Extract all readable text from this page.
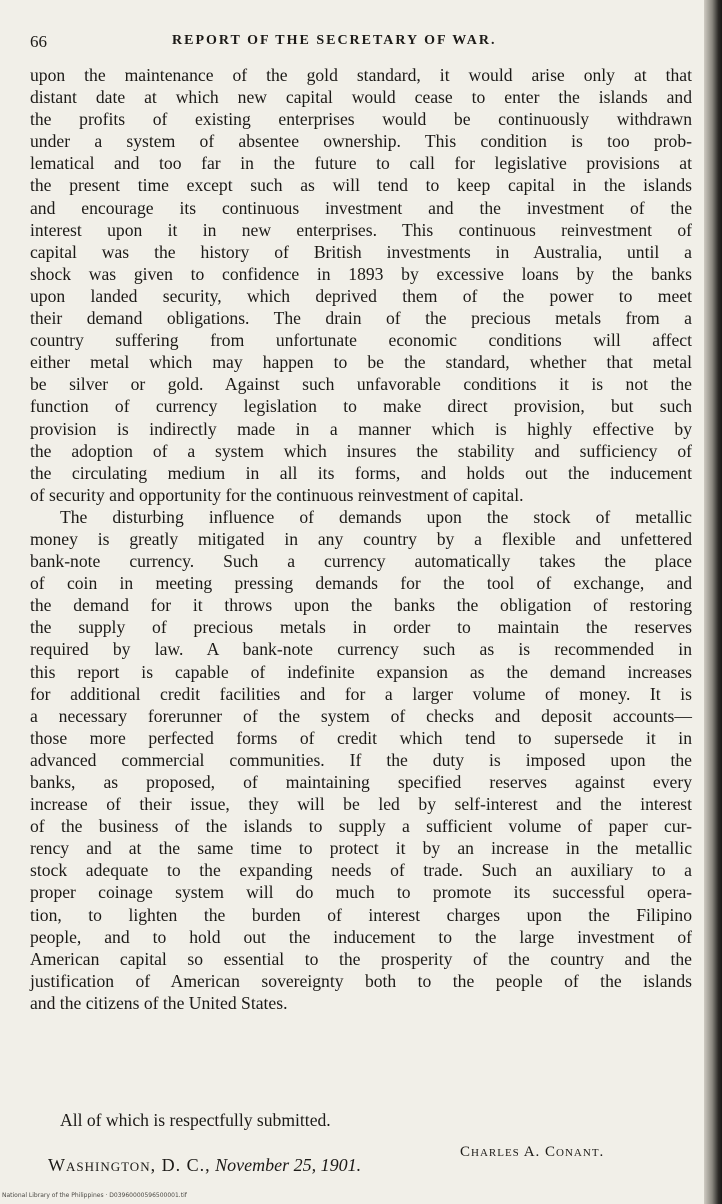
66	REPORT OF THE SECRETARY OF WAR.
upon the maintenance of the gold standard, it would arise only at that
distant date at which new capital would cease to enter the islands and
the profits of existing enterprises would be continuously withdrawn
under a system of absentee ownership. This condition is too prob-
lematical and too far in the future to call for legislative provisions at
the present time except such as will tend to keep capital in the islands
and encourage its continuous investment and the investment of the
interest upon it in new enterprises. This continuous reinvestment of
capital was the history of British investments in Australia, until a
shock was given to confidence in 1893 by excessive loans by the banks
upon landed security, which deprived them of the power to meet
their demand obligations. The drain of the precious metals from a
country suffering from unfortunate economic conditions will affect
either metal which may happen to be the standard, whether that metal
be silver or gold. Against such unfavorable conditions it is not the
function of currency legislation to make direct provision, but such
provision is indirectly made in a manner which is highly effective by
the adoption of a system which insures the stability and sufficiency of
the circulating medium in all its forms, and holds out the inducement
of security and opportunity for the continuous reinvestment of capital.
The disturbing influence of demands upon the stock of metallic
money is greatly mitigated in any country by a flexible and unfettered
bank-note currency. Such a currency automatically takes the place
of coin in meeting pressing demands for the tool of exchange, and
the demand for it throws upon the banks the obligation of restoring
the supply of precious metals in order to maintain the reserves
required by law. A bank-note currency such as is recommended in
this report is capable of indefinite expansion as the demand increases
for additional credit facilities and for a larger volume of money. It is
a necessary forerunner of the system of checks and deposit accounts—
those more perfected forms of credit which tend to supersede it in
advanced commercial communities. If the duty is imposed upon the
banks, as proposed, of maintaining specified reserves against every
increase of their issue, they will be led by self-interest and the interest
of the business of the islands to supply a sufficient volume of paper cur-
rency and at the same time to protect it by an increase in the metallic
stock adequate to the expanding needs of trade. Such an auxiliary to a
proper coinage system will do much to promote its successful opera-
tion, to lighten the burden of interest charges upon the Filipino
people, and to hold out the inducement to the large investment of
American capital so essential to the prosperity of the country and the
justification of American sovereignty both to the people of the islands
and the citizens of the United States.
All of which is respectfully submitted.
Charles A. Conant.
Washington, D. C., November 25, 1901.
National Library of the Philippines · D03960000596500001.tif
